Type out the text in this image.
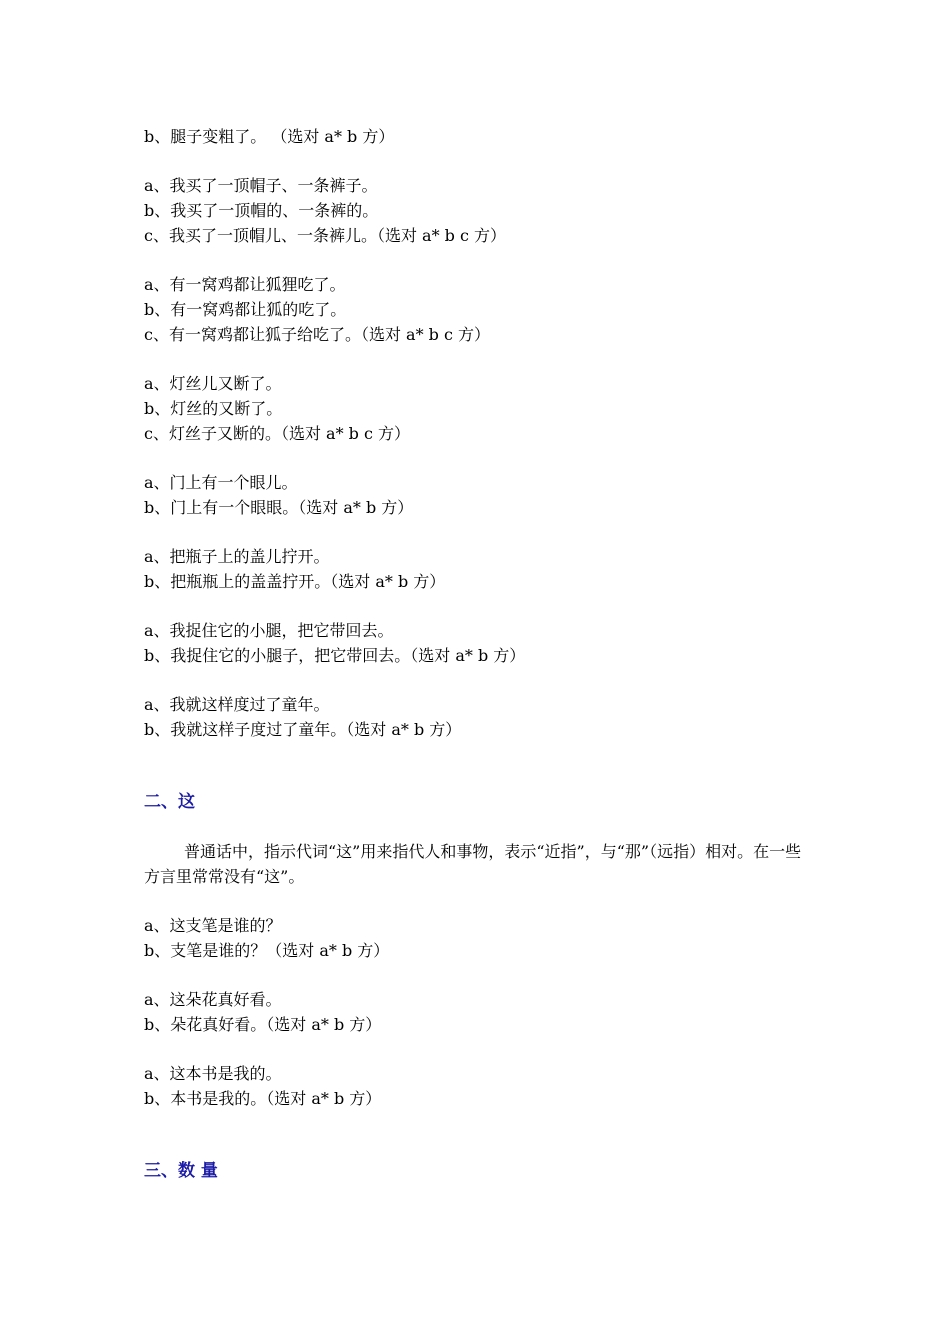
b、腿子变粗了。 （选对 a* b 方）
a、我买了一顶帽子、一条裤子。
b、我买了一顶帽的、一条裤的。
c、我买了一顶帽儿、一条裤儿。（选对 a* b c 方）
a、有一窝鸡都让狐狸吃了。
b、有一窝鸡都让狐的吃了。
c、有一窝鸡都让狐子给吃了。（选对 a* b c 方）
a、灯丝儿又断了。
b、灯丝的又断了。
c、灯丝子又断的。（选对 a* b c 方）
a、门上有一个眼儿。
b、门上有一个眼眼。（选对 a* b 方）
a、把瓶子上的盖儿拧开。
b、把瓶瓶上的盖盖拧开。（选对 a* b 方）
a、我捉住它的小腿，把它带回去。
b、我捉住它的小腿子，把它带回去。（选对 a* b 方）
a、我就这样度过了童年。
b、我就这样子度过了童年。（选对 a* b 方）
二、这
普通话中，指示代词“这”用来指代人和事物，表示“近指”，与“那”（远指）相对。在一些方言里常常没有“这”。
a、这支笔是谁的？
b、支笔是谁的？（选对 a* b 方）
a、这朵花真好看。
b、朵花真好看。（选对 a* b 方）
a、这本书是我的。
b、本书是我的。（选对 a* b 方）
三、数 量
